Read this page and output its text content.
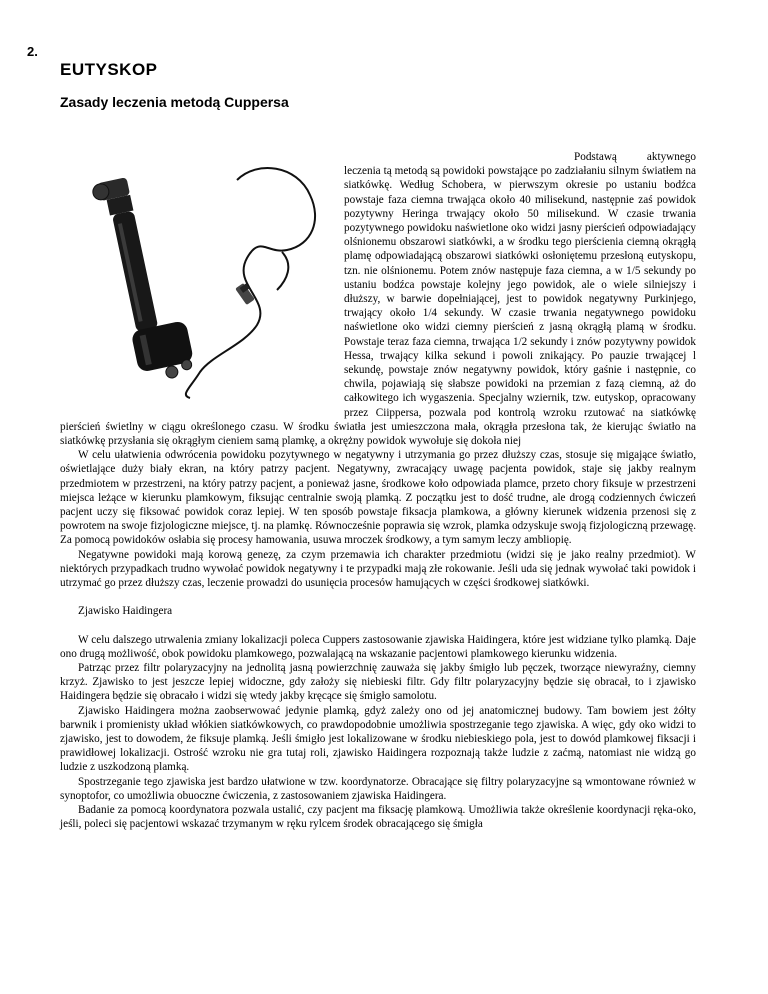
2.
EUTYSKOP
Zasady leczenia metodą Cuppersa

Podstawą aktywnego leczenia tą metodą są powidoki powstające po zadziałaniu silnym światłem na siatkówkę. Według Schobera, w pierwszym okresie po ustaniu bodźca powstaje faza ciemna trwająca około 40 milisekund, następnie zaś powidok pozytywny Heringa trwający około 50 milisekund. W czasie trwania pozytywnego powidoku naświetlone oko widzi jasny pierścień odpowiadający olśnionemu obszarowi siatkówki, a w środku tego pierścienia ciemną okrągłą plamę odpowiadającą obszarowi siatkówki osłoniętemu przesłoną eutyskopu, tzn. nie olśnionemu. Potem znów następuje faza ciemna, a w 1/5 sekundy po ustaniu bodźca powstaje kolejny jego powidok, ale o wiele silniejszy i dłuższy, w barwie dopełniającej, jest to powidok negatywny Purkinjego, trwający około 1/4 sekundy. W czasie trwania negatywnego powidoku naświetlone oko widzi ciemny pierścień z jasną okrągłą plamą w środku. Powstaje teraz faza ciemna, trwająca 1/2 sekundy i znów pozytywny powidok Hessa, trwający kilka sekund i powoli znikający. Po pauzie trwającej l sekundę, powstaje znów negatywny powidok, który gaśnie i następnie, co chwila, pojawiają się słabsze powidoki na przemian z fazą ciemną, aż do całkowitego ich wygaszenia. Specjalny wziernik, tzw. eutyskop, opracowany przez Ciippersa, pozwala pod kontrolą wzroku rzutować na siatkówkę pierścień świetlny w ciągu określonego czasu. W środku światła jest umieszczona mała, okrągła przesłona tak, że kierując światło na siatkówkę przysłania się okrągłym cieniem samą plamkę, a okrężny powidok wywołuje się dokoła niej

W celu ułatwienia odwrócenia powidoku pozytywnego w negatywny i utrzymania go przez dłuższy czas, stosuje się migające światło, oświetlające duży biały ekran, na który patrzy pacjent. Negatywny, zwracający uwagę pacjenta powidok, staje się jakby realnym przedmiotem w przestrzeni, na który patrzy pacjent, a ponieważ jasne, środkowe koło odpowiada plamce, przeto chory fiksuje w przestrzeni miejsca leżące w kierunku plamkowym, fiksując centralnie swoją plamką. Z początku jest to dość trudne, ale drogą codziennych ćwiczeń pacjent uczy się fiksować powidok coraz lepiej. W ten sposób powstaje fiksacja plamkowa, a główny kierunek widzenia przenosi się z powrotem na swoje fizjologiczne miejsce, tj. na plamkę. Równocześnie poprawia się wzrok, plamka odzyskuje swoją fizjologiczną przewagę. Za pomocą powidoków osłabia się procesy hamowania, usuwa mroczek środkowy, a tym samym leczy ambliopię.

Negatywne powidoki mają korową genezę, za czym przemawia ich charakter przedmiotu (widzi się je jako realny przedmiot). W niektórych przypadkach trudno wywołać powidok negatywny i te przypadki mają złe rokowanie. Jeśli uda się jednak wywołać taki powidok i utrzymać go przez dłuższy czas, leczenie prowadzi do usunięcia procesów hamujących w części środkowej siatkówki.

Zjawisko Haidingera

W celu dalszego utrwalenia zmiany lokalizacji poleca Cuppers zastosowanie zjawiska Haidingera, które jest widziane tylko plamką. Daje ono drugą możliwość, obok powidoku plamkowego, pozwalającą na wskazanie pacjentowi plamkowego kierunku widzenia.

Patrząc przez filtr polaryzacyjny na jednolitą jasną powierzchnię zauważa się jakby śmigło lub pęczek, tworzące niewyraźny, ciemny krzyż. Zjawisko to jest jeszcze lepiej widoczne, gdy założy się niebieski filtr. Gdy filtr polaryzacyjny będzie się obracał, to i zjawisko Haidingera będzie się obracało i widzi się wtedy jakby kręcące się śmigło samolotu.

Zjawisko Haidingera można zaobserwować jedynie plamką, gdyż zależy ono od jej anatomicznej budowy. Tam bowiem jest żółty barwnik i promienisty układ włókien siatkówkowych, co prawdopodobnie umożliwia spostrzeganie tego zjawiska. A więc, gdy oko widzi to zjawisko, jest to dowodem, że fiksuje plamką. Jeśli śmigło jest lokalizowane w środku niebieskiego pola, jest to dowód plamkowej fiksacji i prawidłowej lokalizacji. Ostrość wzroku nie gra tutaj roli, zjawisko Haidingera rozpoznają także ludzie z zaćmą, natomiast nie widzą go ludzie z uszkodzoną plamką.

Spostrzeganie tego zjawiska jest bardzo ułatwione w tzw. koordynatorze. Obracające się filtry polaryzacyjne są wmontowane również w synoptofor, co umożliwia obuoczne ćwiczenia, z zastosowaniem zjawiska Haidingera.

Badanie za pomocą koordynatora pozwala ustalić, czy pacjent ma fiksację plamkową. Umożliwia także określenie koordynacji ręka-oko, jeśli, poleci się pacjentowi wskazać trzymanym w ręku rylcem środek obracającego się śmigła
